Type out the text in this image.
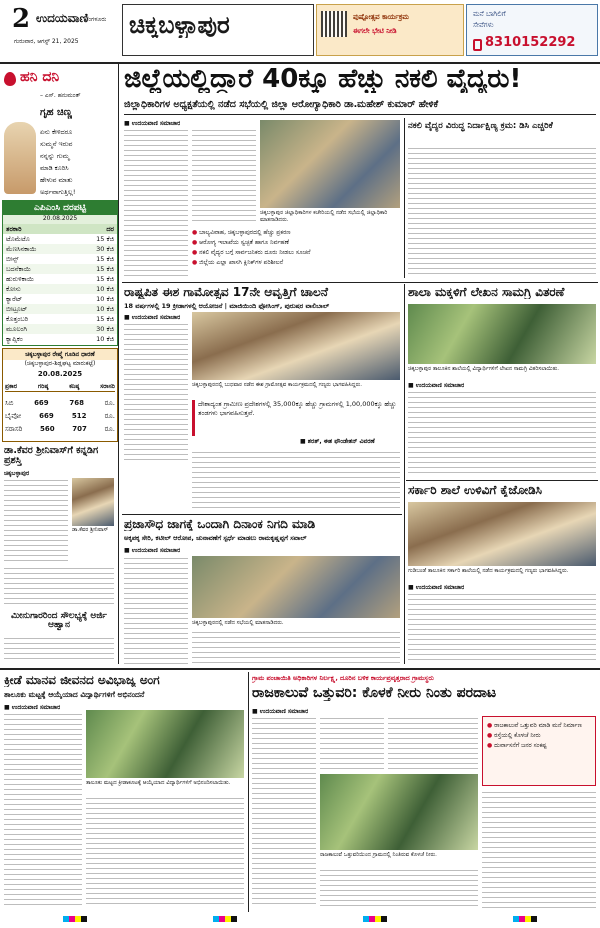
2 ಉದಯವಾಣಿ
ಬೆಂಗಳೂರು
ಗುರುವಾರ, ಆಗಸ್ಟ್ 21, 2025
ಚಿಕ್ಕಬಳ್ಳಾಪುರ	ಪುಷ್ಪೋತ್ಸವ ಕಾರ್ಯಕ್ರಮ
ಈಗಲೇ ಭೇಟಿ ನೀಡಿ
ಮನೆ ಬಾಗಿಲಿಗೆ
ಸೇವೆಗಳು
8310152292
ಹನಿ ದನಿ
– ಎಸ್. ಹನುಮಂತ್
ಗೃಹ ಚಿಣ್ಣ
ಏನು ಕೇಳಿದರೂ
ಸುಮ್ಮನೆ ಇರುವ
ನನ್ನನ್ನು ಗುಮ್ಮ
ಮಾಡಿ ಕೂರಿಸಿ
ಹೇಳುವ ಮಾತು
ಅರ್ಥವಾಗುತ್ತಿಲ್ಲ!
ಎಪಿಎಂಸಿ ದರಪಟ್ಟಿ
20.08.2025
ತರಕಾರಿ	ದರ
ಟೊಮೆಟೊ	15 ಕೆಜಿ
ಮೆಣಸಿನಕಾಯಿ	30 ಕೆಜಿ
ಬೀನ್ಸ್	15 ಕೆಜಿ
ಬದನೆಕಾಯಿ	15 ಕೆಜಿ
ಹುರುಳಿಕಾಯಿ	15 ಕೆಜಿ
ಕೋಸು	10 ಕೆಜಿ
ಕ್ಯಾರೆಟ್	10 ಕೆಜಿ
ಬೀಟ್ರೂಟ್	10 ಕೆಜಿ
ಕೊತ್ತಂಬರಿ	15 ಕೆಜಿ
ಮೂಲಂಗಿ	30 ಕೆಜಿ
ಕ್ಯಾಪ್ಸಿಕಂ	10 ಕೆಜಿ
ಚಿಕ್ಕಬಳ್ಳಾಪುರ ರೇಷ್ಮೆ ಗೂಡಿನ ಧಾರಣೆ
(ಚಿಕ್ಕಬಳ್ಳಾಪುರ-ಶಿಡ್ಲಘಟ್ಟ ಮಾರುಕಟ್ಟೆ)
20.08.2025
ಪ್ರಕಾರ	ಗರಿಷ್ಠ	ಕನಿಷ್ಠ	ಸರಾಸರಿ
ಸಿಬಿ	669	768	ರೂ.
ಬೈವೋ	669	512	ರೂ.
ಸರಾಸರಿ	560	707	ರೂ.
ಡಾ.ಕೆವರ ಶ್ರೀನಿವಾಸ್‌ಗೆ ಕನ್ನಡಿಗ ಪ್ರಶಸ್ತಿ
ಚಿಕ್ಕಬಳ್ಳಾಪುರ
ಡಾ.ಕೆವರ ಶ್ರೀನಿವಾಸ್
ಮೀನುಗಾರರಿಂದ ಸೌಲಭ್ಯಕ್ಕೆ ಅರ್ಜಿ ಆಹ್ವಾನ
ಜಿಲ್ಲೆಯಲ್ಲಿದ್ದಾರೆ 40ಕ್ಕೂ ಹೆಚ್ಚು ನಕಲಿ ವೈದ್ಯರು!
ಜಿಲ್ಲಾಧಿಕಾರಿಗಳ ಅಧ್ಯಕ್ಷತೆಯಲ್ಲಿ ನಡೆದ ಸಭೆಯಲ್ಲಿ ಜಿಲ್ಲಾ ಆರೋಗ್ಯಾಧಿಕಾರಿ ಡಾ.ಮಹೇಶ್ ಕುಮಾರ್ ಹೇಳಿಕೆ
■ ಉದಯವಾಣಿ ಸಮಾಚಾರ
ಚಿಕ್ಕಬಳ್ಳಾಪುರ ಜಿಲ್ಲಾಧಿಕಾರಿಗಳ ಕಚೇರಿಯಲ್ಲಿ ನಡೆದ ಸಭೆಯಲ್ಲಿ ಜಿಲ್ಲಾಧಿಕಾರಿ ಮಾತನಾಡಿದರು.
● ಬಾಲ್ಯವಿವಾಹ, ಚಿಕ್ಕಬಳ್ಳಾಪುರದಲ್ಲಿ ಹೆಚ್ಚು ಪ್ರಕರಣ
● ಆರೋಗ್ಯ ಇಲಾಖೆಯ ಸ್ವಚ್ಛತೆ ಹಾಗೂ ನಿರ್ವಹಣೆ
● ನಕಲಿ ವೈದ್ಯರ ಬಗ್ಗೆ ಸಾರ್ವಜನಿಕರು ದೂರು ನೀಡಲು ಸೂಚನೆ
● ಜಿಲ್ಲೆಯ ಎಲ್ಲಾ ಖಾಸಗಿ ಕ್ಲಿನಿಕ್‌ಗಳ ಪರಿಶೀಲನೆ
ನಕಲಿ ವೈದ್ಯರ ವಿರುದ್ಧ ನಿರ್ದಾಕ್ಷಿಣ್ಯ ಕ್ರಮ: ಡಿಸಿ ಎಚ್ಚರಿಕೆ
ರಾಷ್ಟ್ರಪಿತ ಈಶ ಗಾಮೋತ್ಸವ 17ನೇ ಆವೃತ್ತಿಗೆ ಚಾಲನೆ
18 ವರ್ಷಗಳಲ್ಲಿ 19 ಕ್ರೀಡಾಗಳಲ್ಲಿ ಆಯೋಜನೆ | ಮಾಜಿಯಿಂದಿ ಫ್ರೋಸಿಂಗ್, ಪುರುಷರ ವಾಲಿಬಾಲ್
■ ಉದಯವಾಣಿ ಸಮಾಚಾರ
ಚಿಕ್ಕಬಳ್ಳಾಪುರದಲ್ಲಿ ಬುಧವಾರ ನಡೆದ ಈಶ ಗ್ರಾಮೋತ್ಸವ ಕಾರ್ಯಕ್ರಮದಲ್ಲಿ ಗಣ್ಯರು ಭಾಗವಹಿಸಿದ್ದರು.
ದೇಶಾದ್ಯಂತ ಗ್ರಾಮೀಣ ಪ್ರದೇಶಗಳಲ್ಲಿ 35,000ಕ್ಕೂ ಹೆಚ್ಚು ಗ್ರಾಮಗಳಲ್ಲಿ 1,00,000ಕ್ಕೂ ಹೆಚ್ಚು ತಂಡಗಳು ಭಾಗವಹಿಸುತ್ತವೆ.
■ ಶರತ್, ಈಶ ಫೌಂಡೇಶನ್ ವಿವರಣೆ
ಪ್ರಜಾಸೌಧ ಜಾಗಕ್ಕೆ ಒಂದಾಗಿ ದಿನಾಂಕ ನಿಗದಿ ಮಾಡಿ
ಅಕ್ಕಪಕ್ಕ ಸೇರಿ, ಕಟೀಲ್ ಆರೋಪ, ಚುನಾವಣೆಗೆ ಸ್ಪರ್ಧೆ ಮಾಡಲು ರಾಮಕೃಷ್ಣಪ್ಪಗೆ ಸವಾಲ್
■ ಉದಯವಾಣಿ ಸಮಾಚಾರ
ಚಿಕ್ಕಬಳ್ಳಾಪುರದಲ್ಲಿ ನಡೆದ ಸಭೆಯಲ್ಲಿ ಮಾತನಾಡಿದರು.
ಶಾಲಾ ಮಕ್ಕಳಿಗೆ ಲೇಖನ ಸಾಮಗ್ರಿ ವಿತರಣೆ
ಚಿಕ್ಕಬಳ್ಳಾಪುರ ತಾಲೂಕಿನ ಶಾಲೆಯಲ್ಲಿ ವಿದ್ಯಾರ್ಥಿಗಳಿಗೆ ಲೇಖನ ಸಾಮಗ್ರಿ ವಿತರಿಸಲಾಯಿತು.
■ ಉದಯವಾಣಿ ಸಮಾಚಾರ
ಸರ್ಕಾರಿ ಶಾಲೆ ಉಳಿವಿಗೆ ಕೈಜೋಡಿಸಿ
ಗುಡಿಬಂಡೆ ತಾಲೂಕಿನ ಸರ್ಕಾರಿ ಶಾಲೆಯಲ್ಲಿ ನಡೆದ ಕಾರ್ಯಕ್ರಮದಲ್ಲಿ ಗಣ್ಯರು ಭಾಗವಹಿಸಿದ್ದರು.
■ ಉದಯವಾಣಿ ಸಮಾಚಾರ
ಕ್ರೀಡೆ ಮಾನವ ಜೀವನದ ಅವಿಭಾಜ್ಯ ಅಂಗ
ತಾಲೂಕು ಮಟ್ಟಕ್ಕೆ ಆಯ್ಕೆಯಾದ ವಿದ್ಯಾರ್ಥಿಗಳಿಗೆ ಅಭಿನಂದನೆ
■ ಉದಯವಾಣಿ ಸಮಾಚಾರ
ತಾಲೂಕು ಮಟ್ಟದ ಕ್ರೀಡಾಕೂಟಕ್ಕೆ ಆಯ್ಕೆಯಾದ ವಿದ್ಯಾರ್ಥಿಗಳಿಗೆ ಅಭಿನಂದಿಸಲಾಯಿತು.
ಗ್ರಾಮ ಪಂಚಾಯಿತಿ ಅಧಿಕಾರಿಗಳ ನಿರ್ಲಕ್ಷ್ಯ, ದೂರಿನ ಬಳಿಕ ಕಾರ್ಯಪ್ರವೃತ್ತರಾದ ಗ್ರಾಮಸ್ಥರು
ರಾಜಕಾಲುವೆ ಒತ್ತುವರಿ: ಕೊಳಕೆ ನೀರು ನಿಂತು ಪರದಾಟ
■ ಉದಯವಾಣಿ ಸಮಾಚಾರ
ರಾಜಕಾಲುವೆ ಒತ್ತುವರಿಯಿಂದ ಗ್ರಾಮದಲ್ಲಿ ನಿಂತಿರುವ ಕೊಳಚೆ ನೀರು.
● ರಾಜಕಾಲುವೆ ಒತ್ತುವರಿ ಮಾಡಿ ಮನೆ ನಿರ್ಮಾಣ
● ರಸ್ತೆಯಲ್ಲಿ ಕೊಳಚೆ ನೀರು
● ದುರ್ವಾಸನೆಗೆ ಜನರ ಸಂಕಷ್ಟ
